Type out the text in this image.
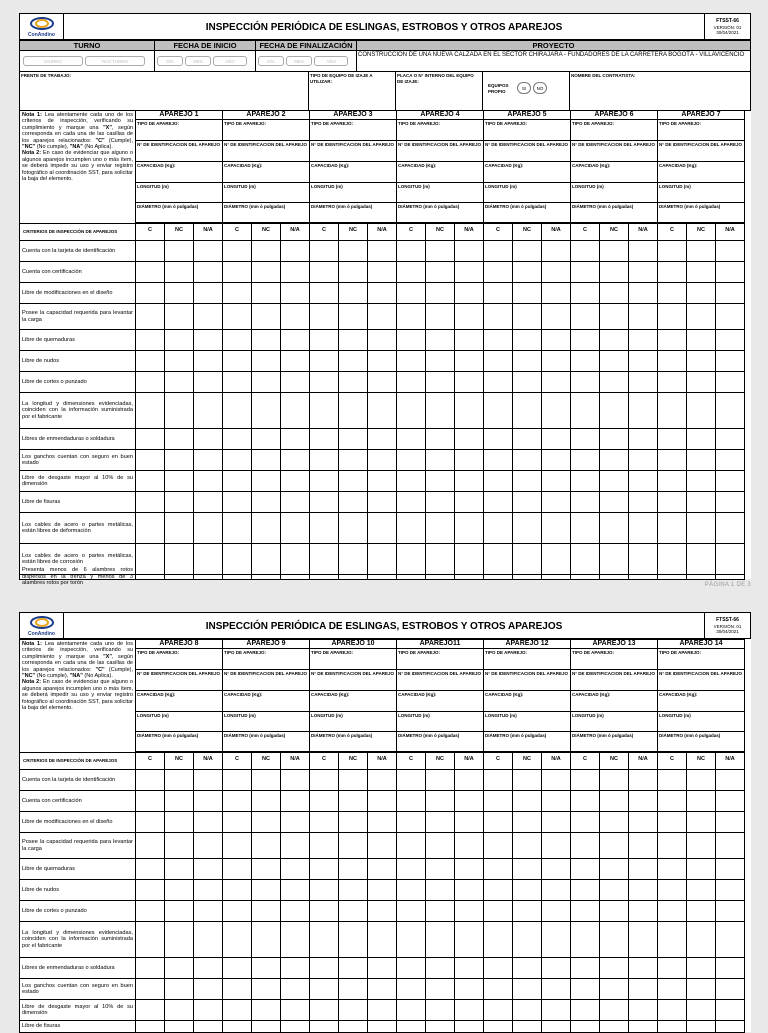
ConAndino
INSPECCIÓN PERIÓDICA DE ESLINGAS, ESTROBOS Y OTROS APAREJOS
FTSST-66
VERSIÓN: 01
30/04/2021
TURNO	FECHA DE INICIO	FECHA DE FINALIZACIÓN	PROYECTO
DIURNO	NOCTURNO	DÍA	MES	AÑO	DÍA	MES	AÑO
CONSTRUCCIÓN DE UNA NUEVA CALZADA EN EL SECTOR CHIRAJARA - FUNDADORES DE LA CARRETERA BOGOTÁ - VILLAVICENCIO
FRENTE DE TRABAJO:	TIPO DE EQUIPO DE IZAJE A UTILIZAR:
PLACA O N° INTERNO DEL EQUIPO DE IZAJE:
EQUIPOS PROPIO	SI NO
NOMBRE DEL CONTRATISTA:
Nota 1: Lea atentamente cada uno de los criterios de inspección, verificando su cumplimiento y marque una "X", según corresponda en cada una de las casillas de los aparejos relacionados: "C" (Cumple), "NC" (No cumple), "NA" (No Aplica).
Nota 2: En caso de evidenciar que alguno o algunos aparejos incumplen uno o más ítem, se deberá impedir su uso y enviar registro fotográfico al coordinación SST, para solicitar la baja del elemento.
APAREJO 1
TIPO DE APAREJO:
N° DE IDENTIFICACION DEL APAREJO
CAPACIDAD (Kg):
LONGITUD (m)
DIÁMETRO (mm ó pulgadas)
APAREJO 2
TIPO DE APAREJO:
N° DE IDENTIFICACION DEL APAREJO
CAPACIDAD (Kg):
LONGITUD (m)
DIÁMETRO (mm ó pulgadas)
APAREJO 3
TIPO DE APAREJO:
N° DE IDENTIFICACION DEL APAREJO
CAPACIDAD (Kg):
LONGITUD (m)
DIÁMETRO (mm ó pulgadas)
APAREJO 4
TIPO DE APAREJO:
N° DE IDENTIFICACION DEL APAREJO
CAPACIDAD (Kg):
LONGITUD (m)
DIÁMETRO (mm ó pulgadas)
APAREJO 5
TIPO DE APAREJO:
N° DE IDENTIFICACION DEL APAREJO
CAPACIDAD (Kg):
LONGITUD (m)
DIÁMETRO (mm ó pulgadas)
APAREJO 6
TIPO DE APAREJO:
N° DE IDENTIFICACION DEL APAREJO
CAPACIDAD (Kg):
LONGITUD (m)
DIÁMETRO (mm ó pulgadas)
APAREJO 7
TIPO DE APAREJO:
N° DE IDENTIFICACION DEL APAREJO
CAPACIDAD (Kg):
LONGITUD (m)
DIÁMETRO (mm ó pulgadas)
CRITERIOS DE INSPECCIÓN DE APAREJOS	C	NC	N/A	C	NC	N/A	C	NC	N/A	C	NC	N/A	C	NC	N/A	C	NC	N/A	C	NC	N/A
Cuenta con la tarjeta de identificación
Cuenta con certificación
Libre de modificaciones en el diseño
Posee la capacidad requerida para levantar la carga
Libre de quemaduras
Libre de nudos
Libre de cortes o punzado
La longitud y dimensiones evidenciadas, coinciden con la información suministrada por el fabricante
Libres de enmendaduras o soldadura
Los ganchos cuentan con seguro en buen estado
Libre de desgaste mayor al 10% de su dimensión
Libre de fisuras
Los cables de acero o partes metálicas, están libres de deformación
Los cables de acero o partes metálicas, están libres de corrosión
Presenta menos de 6 alambres rotos dispersos en la trenza y menos de 3 alambres rotos por torón	PÁGINA 1 DE 3
ConAndino
INSPECCIÓN PERIÓDICA DE ESLINGAS, ESTROBOS Y OTROS APAREJOS
FTSST-66
VERSIÓN: 01
30/04/2021
Nota 1: Lea atentamente cada uno de los criterios de inspección, verificando su cumplimiento y marque una "X", según corresponda en cada una de las casillas de los aparejos relacionados: "C" (Cumple), "NC" (No cumple), "NA" (No Aplica).
Nota 2: En caso de evidenciar que alguno o algunos aparejos incumplen uno o más ítem, se deberá impedir su uso y enviar registro fotográfico al coordinación SST, para solicitar la baja del elemento.
APAREJO 8
TIPO DE APAREJO:
N° DE IDENTIFICACION DEL APAREJO
CAPACIDAD (Kg):
LONGITUD (m)
DIÁMETRO (mm ó pulgadas)
APAREJO 9
TIPO DE APAREJO:
N° DE IDENTIFICACION DEL APAREJO
CAPACIDAD (Kg):
LONGITUD (m)
DIÁMETRO (mm ó pulgadas)
APAREJO 10
TIPO DE APAREJO:
N° DE IDENTIFICACION DEL APAREJO
CAPACIDAD (Kg):
LONGITUD (m)
DIÁMETRO (mm ó pulgadas)
APAREJO11
TIPO DE APAREJO:
N° DE IDENTIFICACION DEL APAREJO
CAPACIDAD (Kg):
LONGITUD (m)
DIÁMETRO (mm ó pulgadas)
APAREJO 12
TIPO DE APAREJO:
N° DE IDENTIFICACION DEL APAREJO
CAPACIDAD (Kg):
LONGITUD (m)
DIÁMETRO (mm ó pulgadas)
APAREJO 13
TIPO DE APAREJO:
N° DE IDENTIFICACION DEL APAREJO
CAPACIDAD (Kg):
LONGITUD (m)
DIÁMETRO (mm ó pulgadas)
APAREJO 14
TIPO DE APAREJO:
N° DE IDENTIFICACION DEL APAREJO
CAPACIDAD (Kg):
LONGITUD (m)
DIÁMETRO (mm ó pulgadas)
CRITERIOS DE INSPECCIÓN DE APAREJOS	C	NC	N/A	C	NC	N/A	C	NC	N/A	C	NC	N/A	C	NC	N/A	C	NC	N/A	C	NC	N/A
Cuenta con la tarjeta de identificación
Cuenta con certificación
Libre de modificaciones en el diseño
Posee la capacidad requerida para levantar la carga
Libre de quemaduras
Libre de nudos
Libre de cortes o punzado
La longitud y dimensiones evidenciadas, coinciden con la información suministrada por el fabricante
Libres de enmendaduras o soldadura
Los ganchos cuentan con seguro en buen estado
Libre de desgaste mayor al 10% de su dimensión
Libre de fisuras
